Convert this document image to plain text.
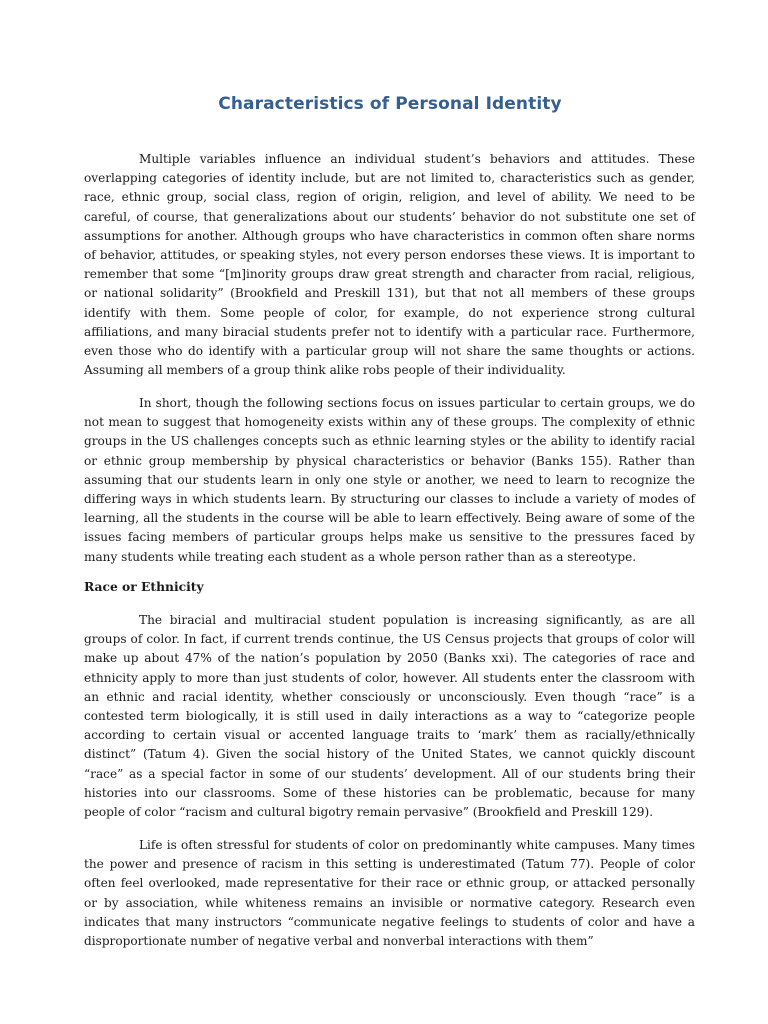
Characteristics of Personal Identity

Multiple variables influence an individual student’s behaviors and attitudes. These overlapping categories of identity include, but are not limited to, characteristics such as gender, race, ethnic group, social class, region of origin, religion, and level of ability. We need to be careful, of course, that generalizations about our students’ behavior do not substitute one set of assumptions for another. Although groups who have characteristics in common often share norms of behavior, attitudes, or speaking styles, not every person endorses these views. It is important to remember that some “[m]inority groups draw great strength and character from racial, religious, or national solidarity” (Brookfield and Preskill 131), but that not all members of these groups identify with them. Some people of color, for example, do not experience strong cultural affiliations, and many biracial students prefer not to identify with a particular race. Furthermore, even those who do identify with a particular group will not share the same thoughts or actions. Assuming all members of a group think alike robs people of their individuality.

In short, though the following sections focus on issues particular to certain groups, we do not mean to suggest that homogeneity exists within any of these groups. The complexity of ethnic groups in the US challenges concepts such as ethnic learning styles or the ability to identify racial or ethnic group membership by physical characteristics or behavior (Banks 155). Rather than assuming that our students learn in only one style or another, we need to learn to recognize the differing ways in which students learn. By structuring our classes to include a variety of modes of learning, all the students in the course will be able to learn effectively. Being aware of some of the issues facing members of particular groups helps make us sensitive to the pressures faced by many students while treating each student as a whole person rather than as a stereotype.

Race or Ethnicity

The biracial and multiracial student population is increasing significantly, as are all groups of color. In fact, if current trends continue, the US Census projects that groups of color will make up about 47% of the nation’s population by 2050 (Banks xxi). The categories of race and ethnicity apply to more than just students of color, however. All students enter the classroom with an ethnic and racial identity, whether consciously or unconsciously. Even though “race” is a contested term biologically, it is still used in daily interactions as a way to “categorize people according to certain visual or accented language traits to ‘mark’ them as racially/ethnically distinct” (Tatum 4). Given the social history of the United States, we cannot quickly discount “race” as a special factor in some of our students’ development. All of our students bring their histories into our classrooms. Some of these histories can be problematic, because for many people of color “racism and cultural bigotry remain pervasive” (Brookfield and Preskill 129).

Life is often stressful for students of color on predominantly white campuses. Many times the power and presence of racism in this setting is underestimated (Tatum 77). People of color often feel overlooked, made representative for their race or ethnic group, or attacked personally or by association, while whiteness remains an invisible or normative category. Research even indicates that many instructors “communicate negative feelings to students of color and have a disproportionate number of negative verbal and nonverbal interactions with them”
